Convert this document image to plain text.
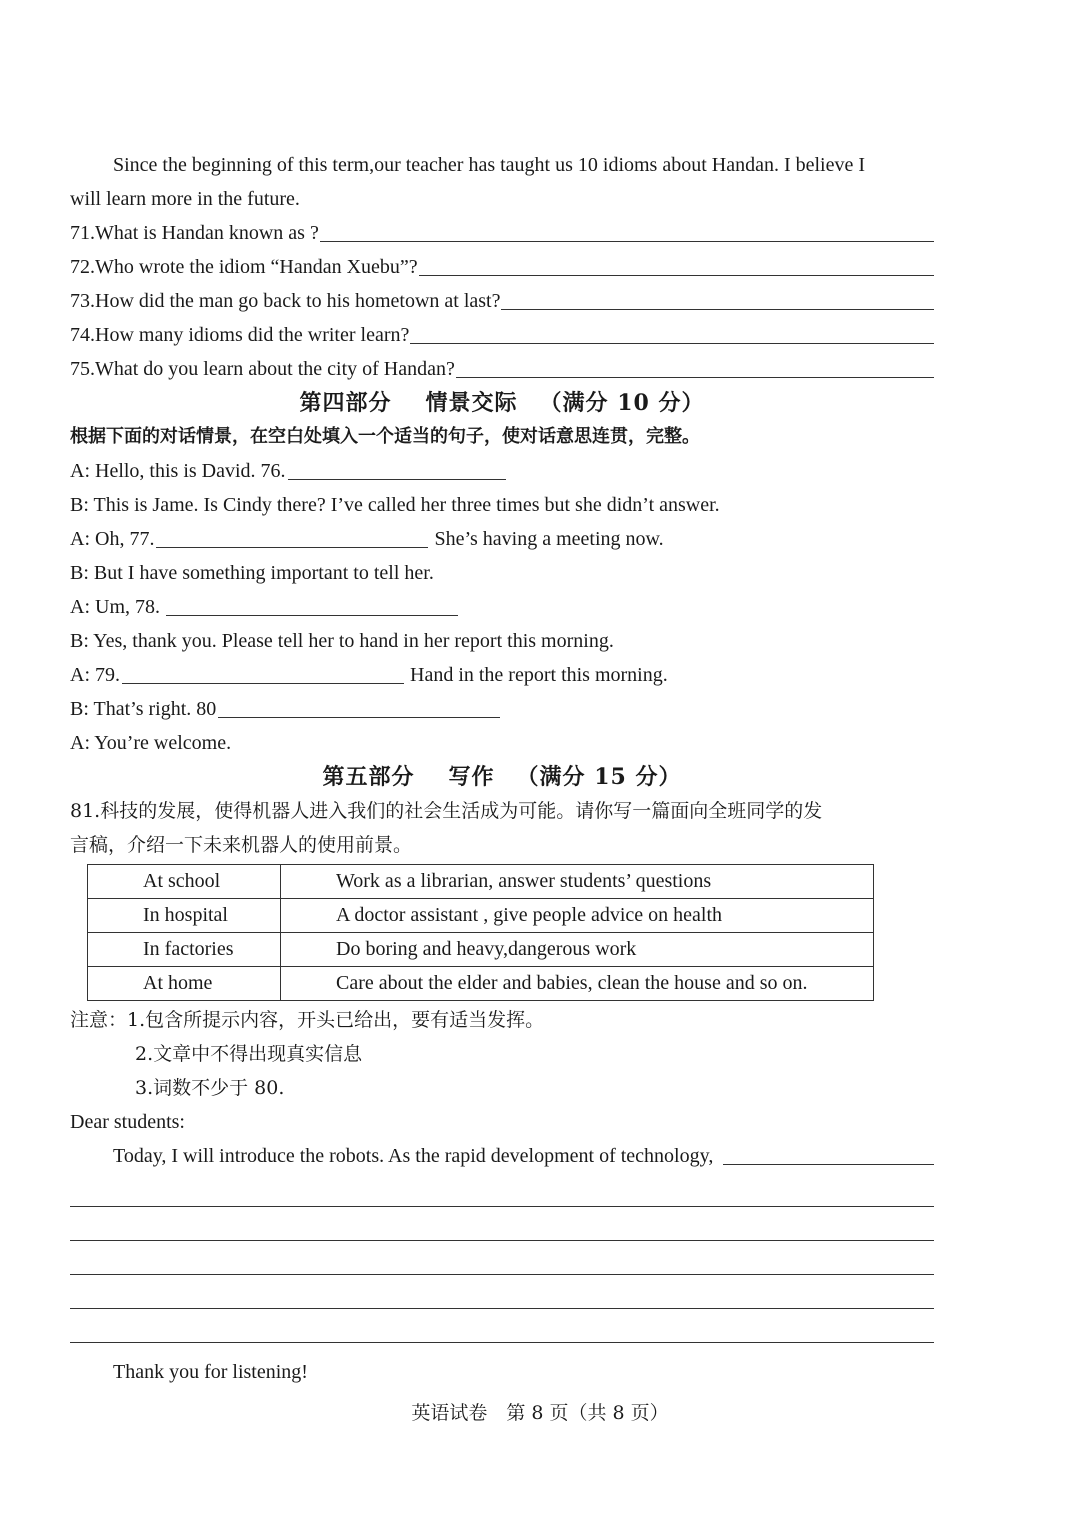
Since the beginning of this term,our teacher has taught us 10 idioms about Handan. I believe I
will learn more in the future.
71.What is Handan known as ?
72.Who wrote the idiom “Handan Xuebu”?
73.How did the man go back to his hometown at last?
74.How many idioms did the writer learn?
75.What do you learn about the city of Handan?
第四部分 情景交际 （满分 10 分）
根据下面的对话情景，在空白处填入一个适当的句子，使对话意思连贯，完整。
A: Hello, this is David. 76.
B: This is Jame. Is Cindy there? I’ve called her three times but she didn’t answer.
A: Oh, 77.	She’s having a meeting now.
B: But I have something important to tell her.
A: Um, 78.
B: Yes, thank you. Please tell her to hand in her report this morning.
A: 79.	Hand in the report this morning.
B: That’s right. 80
A: You’re welcome.
第五部分 写作 （满分 15 分）
81.科技的发展，使得机器人进入我们的社会生活成为可能。请你写一篇面向全班同学的发
言稿，介绍一下未来机器人的使用前景。
At school	Work as a librarian, answer students’ questions
In hospital	A doctor assistant , give people advice on health
In factories	Do boring and heavy,dangerous work
At home	Care about the elder and babies, clean the house and so on.
注意：1.包含所提示内容，开头已给出，要有适当发挥。
2.文章中不得出现真实信息
3.词数不少于 80.
Dear students:
Today, I will introduce the robots. As the rapid development of technology,
Thank you for listening!
英语试卷　第 8 页（共 8 页）
